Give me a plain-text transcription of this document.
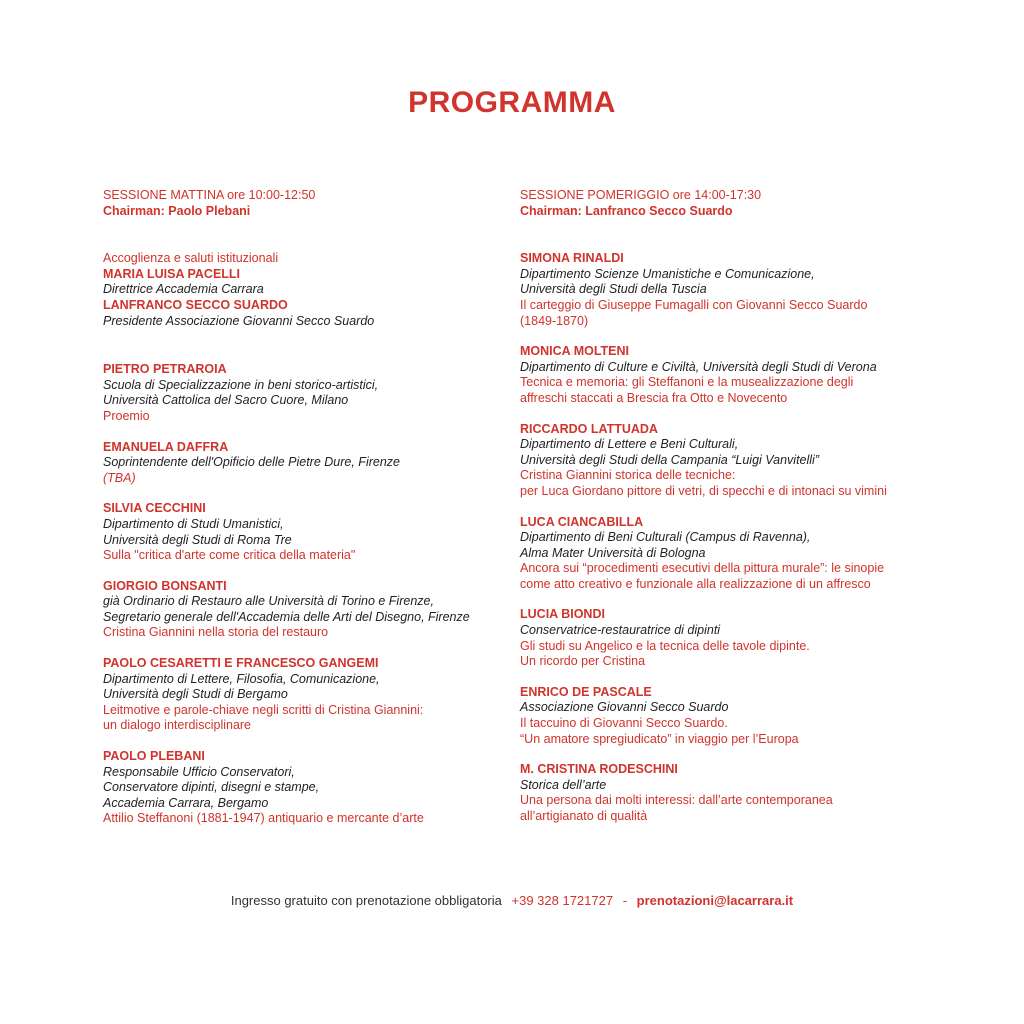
PROGRAMMA
SESSIONE MATTINA ore 10:00-12:50
Chairman: Paolo Plebani
Accoglienza e saluti istituzionali
MARIA LUISA PACELLI
Direttrice Accademia Carrara
LANFRANCO SECCO SUARDO
Presidente Associazione Giovanni Secco Suardo
PIETRO PETRAROIA
Scuola di Specializzazione in beni storico-artistici,
Università Cattolica del Sacro Cuore, Milano
Proemio
EMANUELA DAFFRA
Soprintendente dell'Opificio delle Pietre Dure, Firenze
(TBA)
SILVIA CECCHINI
Dipartimento di Studi Umanistici,
Università degli Studi di Roma Tre
Sulla "critica d'arte come critica della materia"
GIORGIO BONSANTI
già Ordinario di Restauro alle Università di Torino e Firenze,
Segretario generale dell'Accademia delle Arti del Disegno, Firenze
Cristina Giannini nella storia del restauro
PAOLO CESARETTI E FRANCESCO GANGEMI
Dipartimento di Lettere, Filosofia, Comunicazione,
Università degli Studi di Bergamo
Leitmotive e parole-chiave negli scritti di Cristina Giannini:
un dialogo interdisciplinare
PAOLO PLEBANI
Responsabile Ufficio Conservatori,
Conservatore dipinti, disegni e stampe,
Accademia Carrara, Bergamo
Attilio Steffanoni (1881-1947) antiquario e mercante d’arte
SESSIONE POMERIGGIO ore 14:00-17:30
Chairman: Lanfranco Secco Suardo
SIMONA RINALDI
Dipartimento Scienze Umanistiche e Comunicazione,
Università degli Studi della Tuscia
Il carteggio di Giuseppe Fumagalli con Giovanni Secco Suardo
(1849-1870)
MONICA MOLTENI
Dipartimento di Culture e Civiltà, Università degli Studi di Verona
Tecnica e memoria: gli Steffanoni e la musealizzazione degli
affreschi staccati a Brescia fra Otto e Novecento
RICCARDO LATTUADA
Dipartimento di Lettere e Beni Culturali,
Università degli Studi della Campania “Luigi Vanvitelli”
Cristina Giannini storica delle tecniche:
per Luca Giordano pittore di vetri, di specchi e di intonaci su vimini
LUCA CIANCABILLA
Dipartimento di Beni Culturali (Campus di Ravenna),
Alma Mater Università di Bologna
Ancora sui “procedimenti esecutivi della pittura murale”: le sinopie
come atto creativo e funzionale alla realizzazione di un affresco
LUCIA BIONDI
Conservatrice-restauratrice di dipinti
Gli studi su Angelico e la tecnica delle tavole dipinte.
Un ricordo per Cristina
ENRICO DE PASCALE
Associazione Giovanni Secco Suardo
Il taccuino di Giovanni Secco Suardo.
“Un amatore spregiudicato” in viaggio per l’Europa
M. CRISTINA RODESCHINI
Storica dell’arte
Una persona dai molti interessi: dall’arte contemporanea
all’artigianato di qualità
Ingresso gratuito con prenotazione obbligatoria +39 328 1721727 - prenotazioni@lacarrara.it
